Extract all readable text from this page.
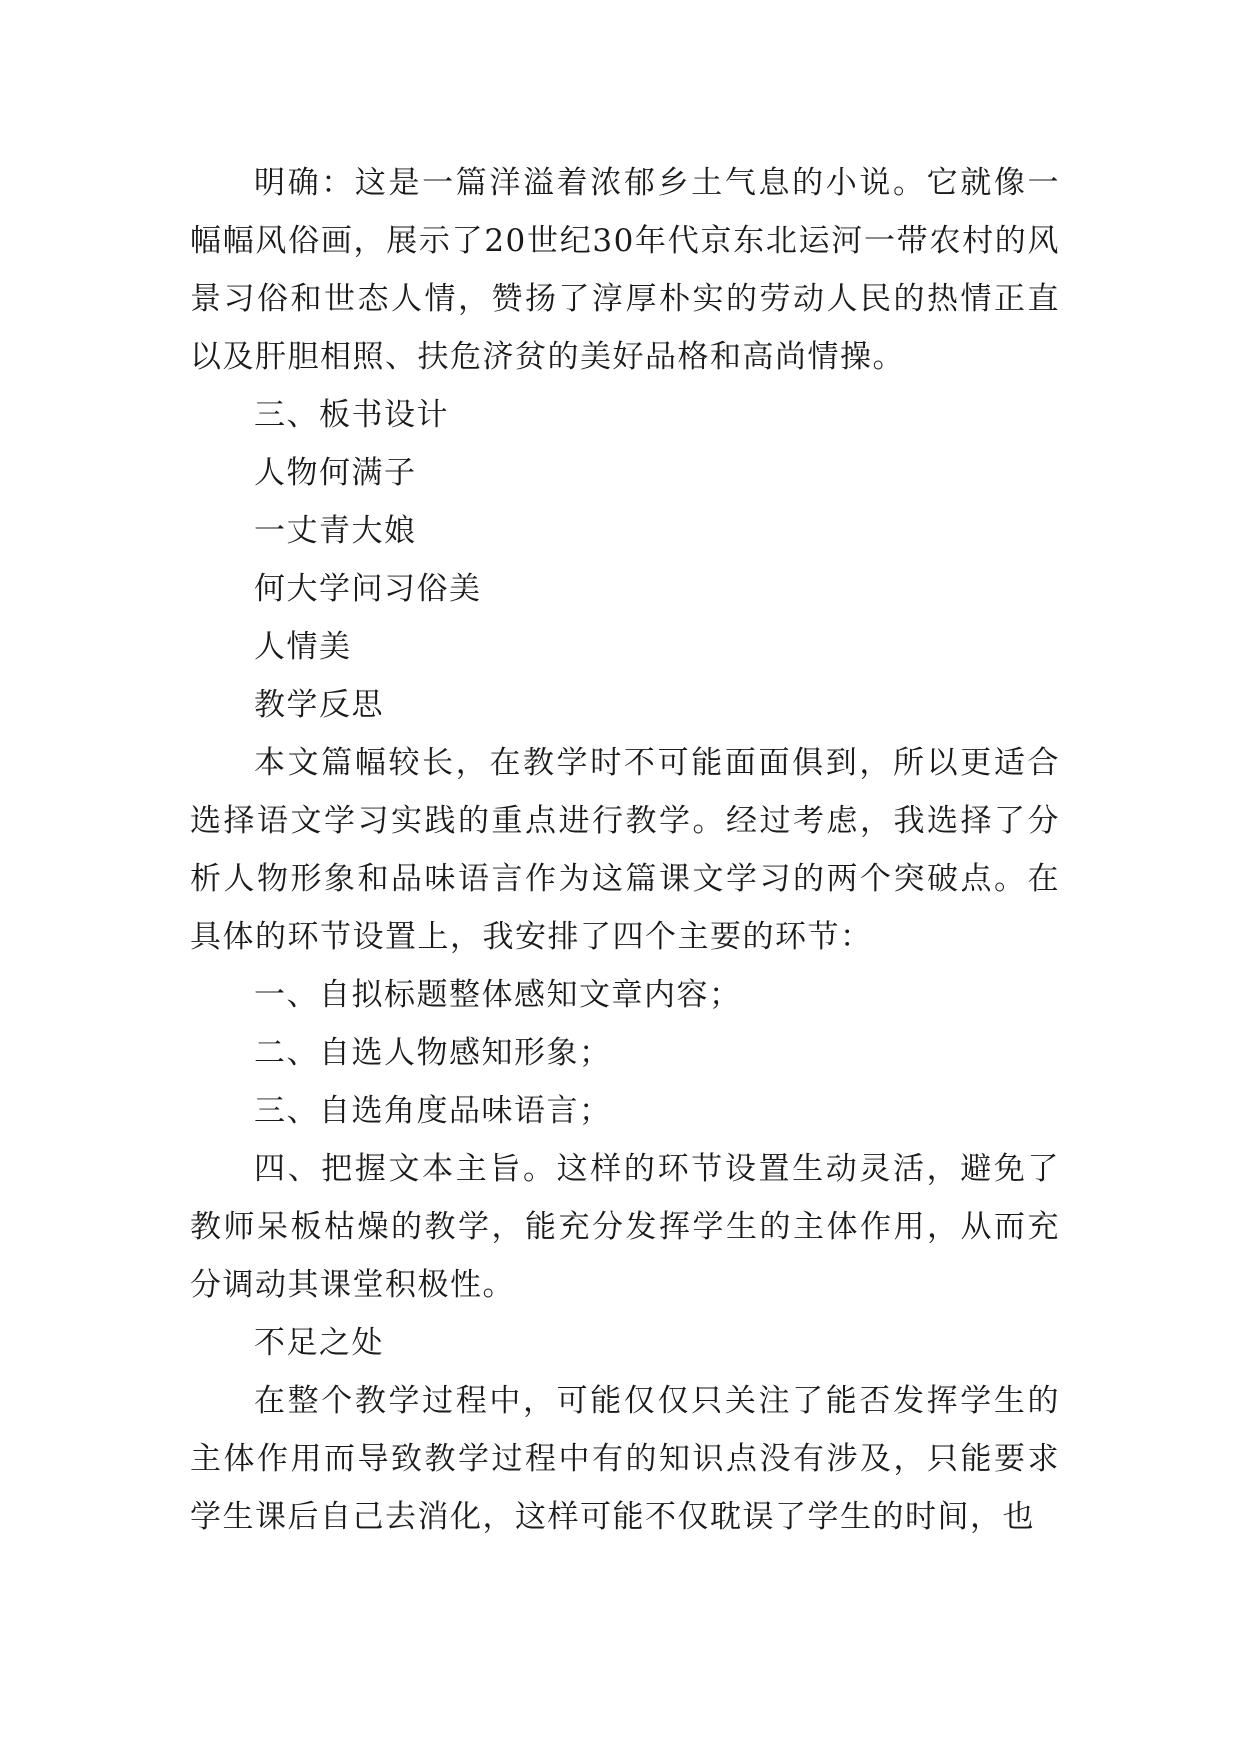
明确：这是一篇洋溢着浓郁乡土气息的小说。它就像一幅幅风俗画，展示了20世纪30年代京东北运河一带农村的风景习俗和世态人情，赞扬了淳厚朴实的劳动人民的热情正直以及肝胆相照、扶危济贫的美好品格和高尚情操。

三、板书设计

人物何满子

一丈青大娘

何大学问习俗美

人情美

教学反思

本文篇幅较长，在教学时不可能面面俱到，所以更适合选择语文学习实践的重点进行教学。经过考虑，我选择了分析人物形象和品味语言作为这篇课文学习的两个突破点。在具体的环节设置上，我安排了四个主要的环节：

一、自拟标题整体感知文章内容；

二、自选人物感知形象；

三、自选角度品味语言；

四、把握文本主旨。这样的环节设置生动灵活，避免了教师呆板枯燥的教学，能充分发挥学生的主体作用，从而充分调动其课堂积极性。

不足之处

在整个教学过程中，可能仅仅只关注了能否发挥学生的主体作用而导致教学过程中有的知识点没有涉及，只能要求学生课后自己去消化，这样可能不仅耽误了学生的时间，也
